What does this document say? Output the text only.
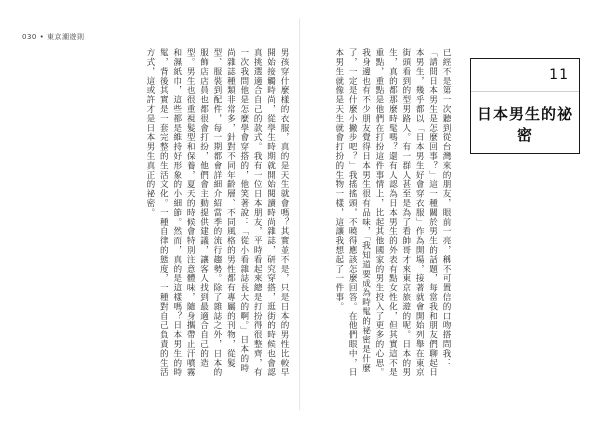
030 • 東京潮遊則
男孩穿什麼樣的衣服，真的是天生就會嗎？其實並不是，只是日本的男性比較早開始接觸時尚，從學生時期就開始閱讀時尚雜誌，研究穿搭，逛街的時候也會認真挑選適合自己的款式。我有一位日本朋友，平時看起來總是打扮得很整齊，有一次我問他是怎麼學會穿搭的，他笑著說：「從小看雜誌長大的啊。」日本的時尚雜誌種類非常多，針對不同年齡層、不同風格的男性都有專屬的刊物，從髮型、服裝到配件，每一期都會詳細介紹當季的流行趨勢。除了雜誌之外，日本的服飾店店員也都很會打扮，他們會主動提供建議，讓客人找到最適合自己的造型。男生也很重視髮型和保養，夏天的時候會特別注意體味，隨身攜帶止汗噴霧和濕紙巾，這些都是維持好形象的小細節。然而，真的是這樣嗎？日本男生的時髦，背後其實是一套完整的生活文化。一種自律的態度，一種對自己負責的生活方式，這或許才是日本男生真正的祕密。	已經不是第一次聽到從台灣來的朋友，眼前一亮，稱不可置信的口吻搭問我：「請問日本男生是怎麼回事？」這一種關於男生的話題，每當我和朋友們聊起日本男生，幾乎都以「日本男生好會穿衣服」作為開場，接著就會開始列舉在東京街頭看到的型男路人。有一群人甚至是為了看帥哥才來東京旅遊的呢。日本的男生，真的都那麼時髦嗎？還有人認為日本男生的外表有點女性化，但其實這不是重點，重點是他們在打扮這件事情上，比起其他國家的男生投入了更多的心思。我身邊也有不少朋友覺得日本男生很有品味，「我知道要成為時髦的祕密是什麼了，一定是什麼小撇步吧？」我搖搖頭，不曉得應該怎麼回答。在他們眼中，日本男生就像是天生就會打扮的生物一樣，這讓我想起了一件事。	11
日本男生的祕密
